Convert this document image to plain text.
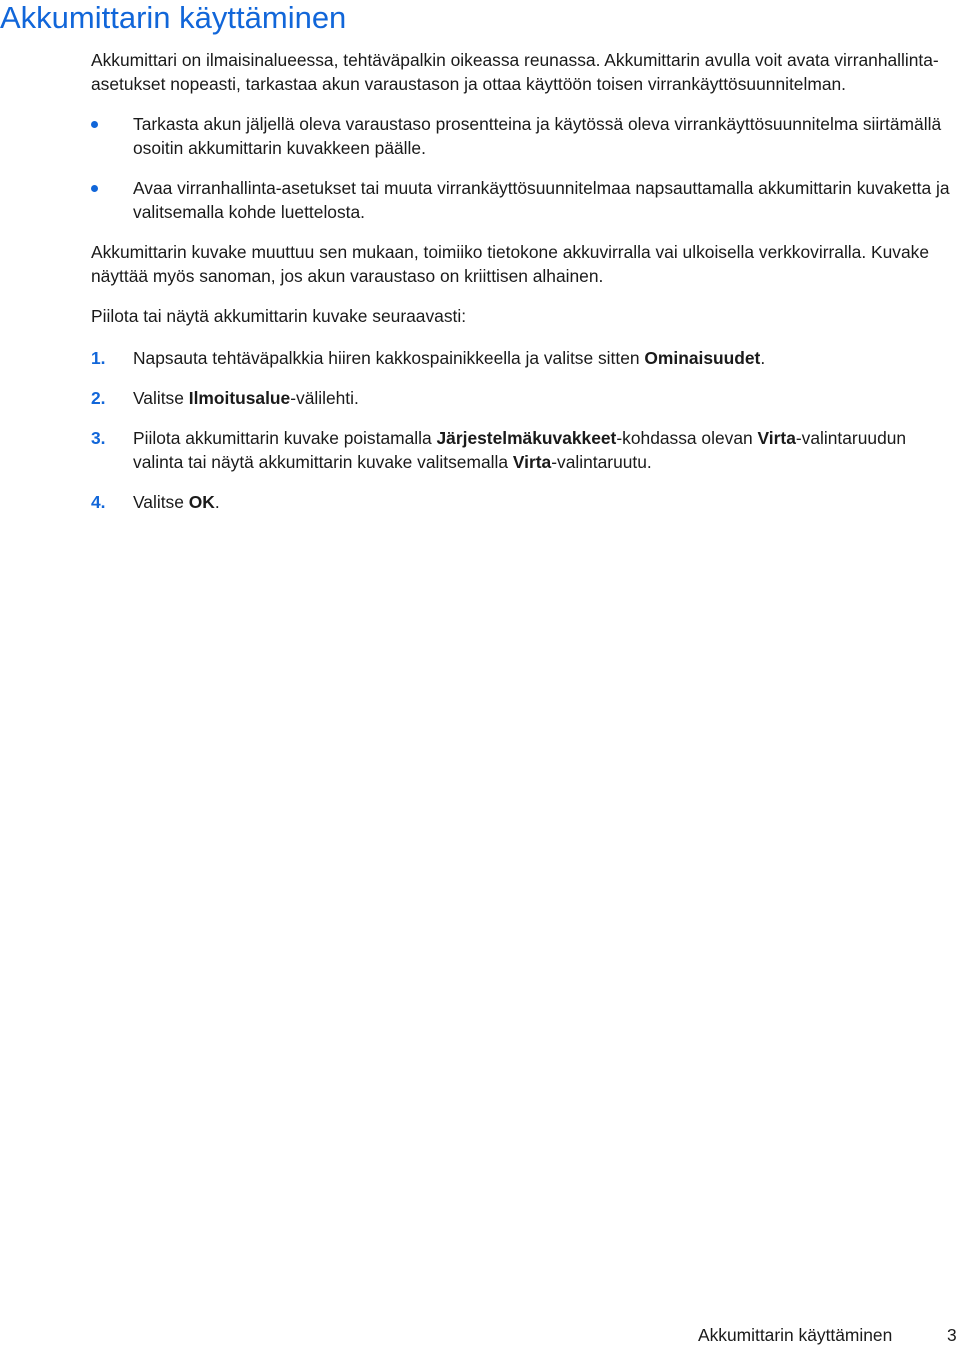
Akkumittarin käyttäminen

Akkumittari on ilmaisinalueessa, tehtäväpalkin oikeassa reunassa. Akkumittarin avulla voit avata virranhallinta-asetukset nopeasti, tarkastaa akun varaustason ja ottaa käyttöön toisen virrankäyttösuunnitelman.

Tarkasta akun jäljellä oleva varaustaso prosentteina ja käytössä oleva virrankäyttösuunnitelma siirtämällä osoitin akkumittarin kuvakkeen päälle.
Avaa virranhallinta-asetukset tai muuta virrankäyttösuunnitelmaa napsauttamalla akkumittarin kuvaketta ja valitsemalla kohde luettelosta.

Akkumittarin kuvake muuttuu sen mukaan, toimiiko tietokone akkuvirralla vai ulkoisella verkkovirralla. Kuvake näyttää myös sanoman, jos akun varaustaso on kriittisen alhainen.

Piilota tai näytä akkumittarin kuvake seuraavasti:

1. Napsauta tehtäväpalkkia hiiren kakkospainikkeella ja valitse sitten Ominaisuudet.
2. Valitse Ilmoitusalue-välilehti.
3. Piilota akkumittarin kuvake poistamalla Järjestelmäkuvakkeet-kohdassa olevan Virta-valintaruudun valinta tai näytä akkumittarin kuvake valitsemalla Virta-valintaruutu.
4. Valitse OK.
Akkumittarin käyttäminen	3
